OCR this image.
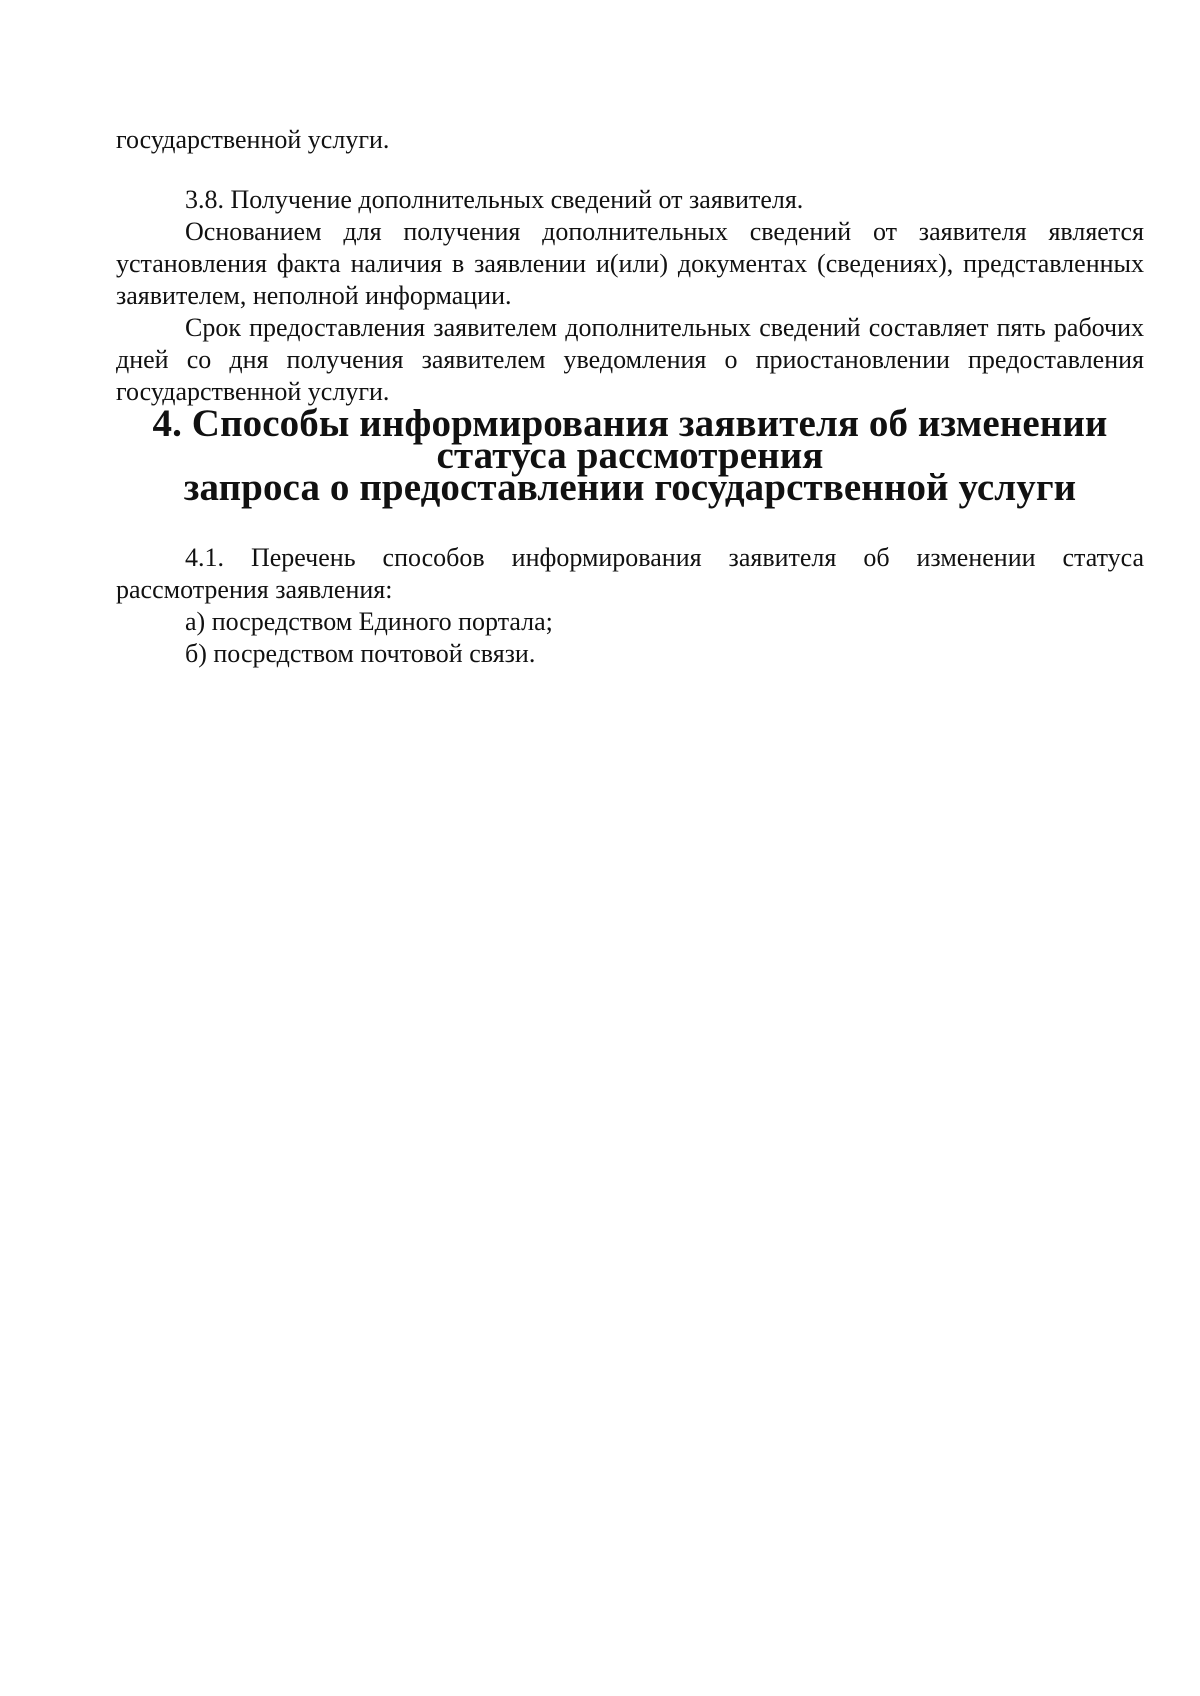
государственной услуги.

3.8. Получение дополнительных сведений от заявителя.

Основанием для получения дополнительных сведений от заявителя является установления факта наличия в заявлении и(или) документах (сведениях), представленных заявителем, неполной информации.

Срок предоставления заявителем дополнительных сведений составляет пять рабочих дней со дня получения заявителем уведомления о приостановлении предоставления государственной услуги.

4. Способы информирования заявителя об изменении статуса рассмотрения
запроса о предоставлении государственной услуги

4.1. Перечень способов информирования заявителя об изменении статуса рассмотрения заявления:

а) посредством Единого портала;

б) посредством почтовой связи.
